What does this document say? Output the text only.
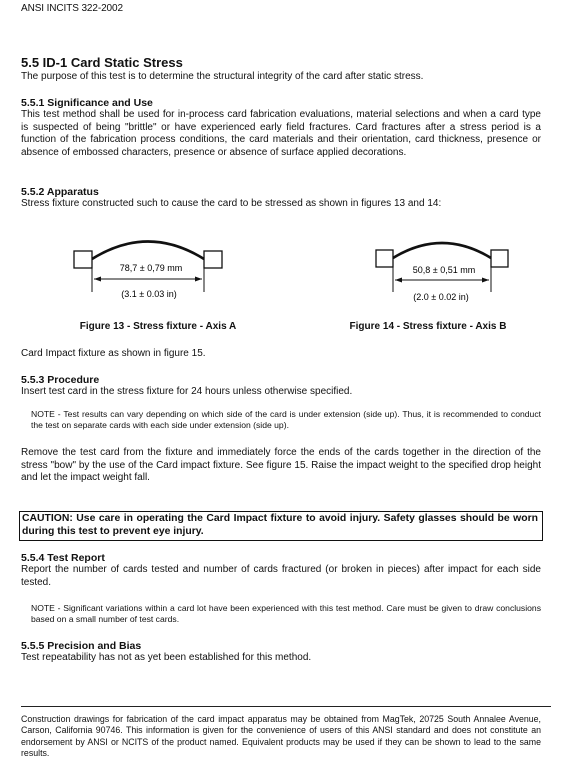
ANSI INCITS 322-2002
5.5 ID-1 Card Static Stress
The purpose of this test is to determine the structural integrity of the card after static stress.
5.5.1 Significance and Use
This test method shall be used for in-process card fabrication evaluations, material selections and when a card type is suspected of being "brittle" or have experienced early field fractures. Card fractures after a stress period is a function of the fabrication process conditions, the card materials and their orientation, card thickness, presence or absence of embossed characters, presence or absence of surface applied decorations.
5.5.2 Apparatus
Stress fixture constructed such to cause the card to be stressed as shown in figures 13 and 14:
78,7 ± 0,79 mm
(3.1 ± 0.03 in)
Figure 13 - Stress fixture - Axis A
50,8 ± 0,51 mm
(2.0 ± 0.02 in)
Figure 14 - Stress fixture - Axis B
Card Impact fixture as shown in figure 15.
5.5.3 Procedure
Insert test card in the stress fixture for 24 hours unless otherwise specified.
NOTE - Test results can vary depending on which side of the card is under extension (side up). Thus, it is recommended to conduct the test on separate cards with each side under extension (side up).
Remove the test card from the fixture and immediately force the ends of the cards together in the direction of the stress "bow" by the use of the Card impact fixture. See figure 15. Raise the impact weight to the specified drop height and let the impact weight fall.
CAUTION: Use care in operating the Card Impact fixture to avoid injury. Safety glasses should be worn during this test to prevent eye injury.
5.5.4 Test Report
Report the number of cards tested and number of cards fractured (or broken in pieces) after impact for each side tested.
NOTE - Significant variations within a card lot have been experienced with this test method. Care must be given to draw conclusions based on a small number of test cards.
5.5.5 Precision and Bias
Test repeatability has not as yet been established for this method.
Construction drawings for fabrication of the card impact apparatus may be obtained from MagTek, 20725 South Annalee Avenue, Carson, California 90746. This information is given for the convenience of users of this ANSI standard and does not constitute an endorsement by ANSI or NCITS of the product named. Equivalent products may be used if they can be shown to lead to the same results.
